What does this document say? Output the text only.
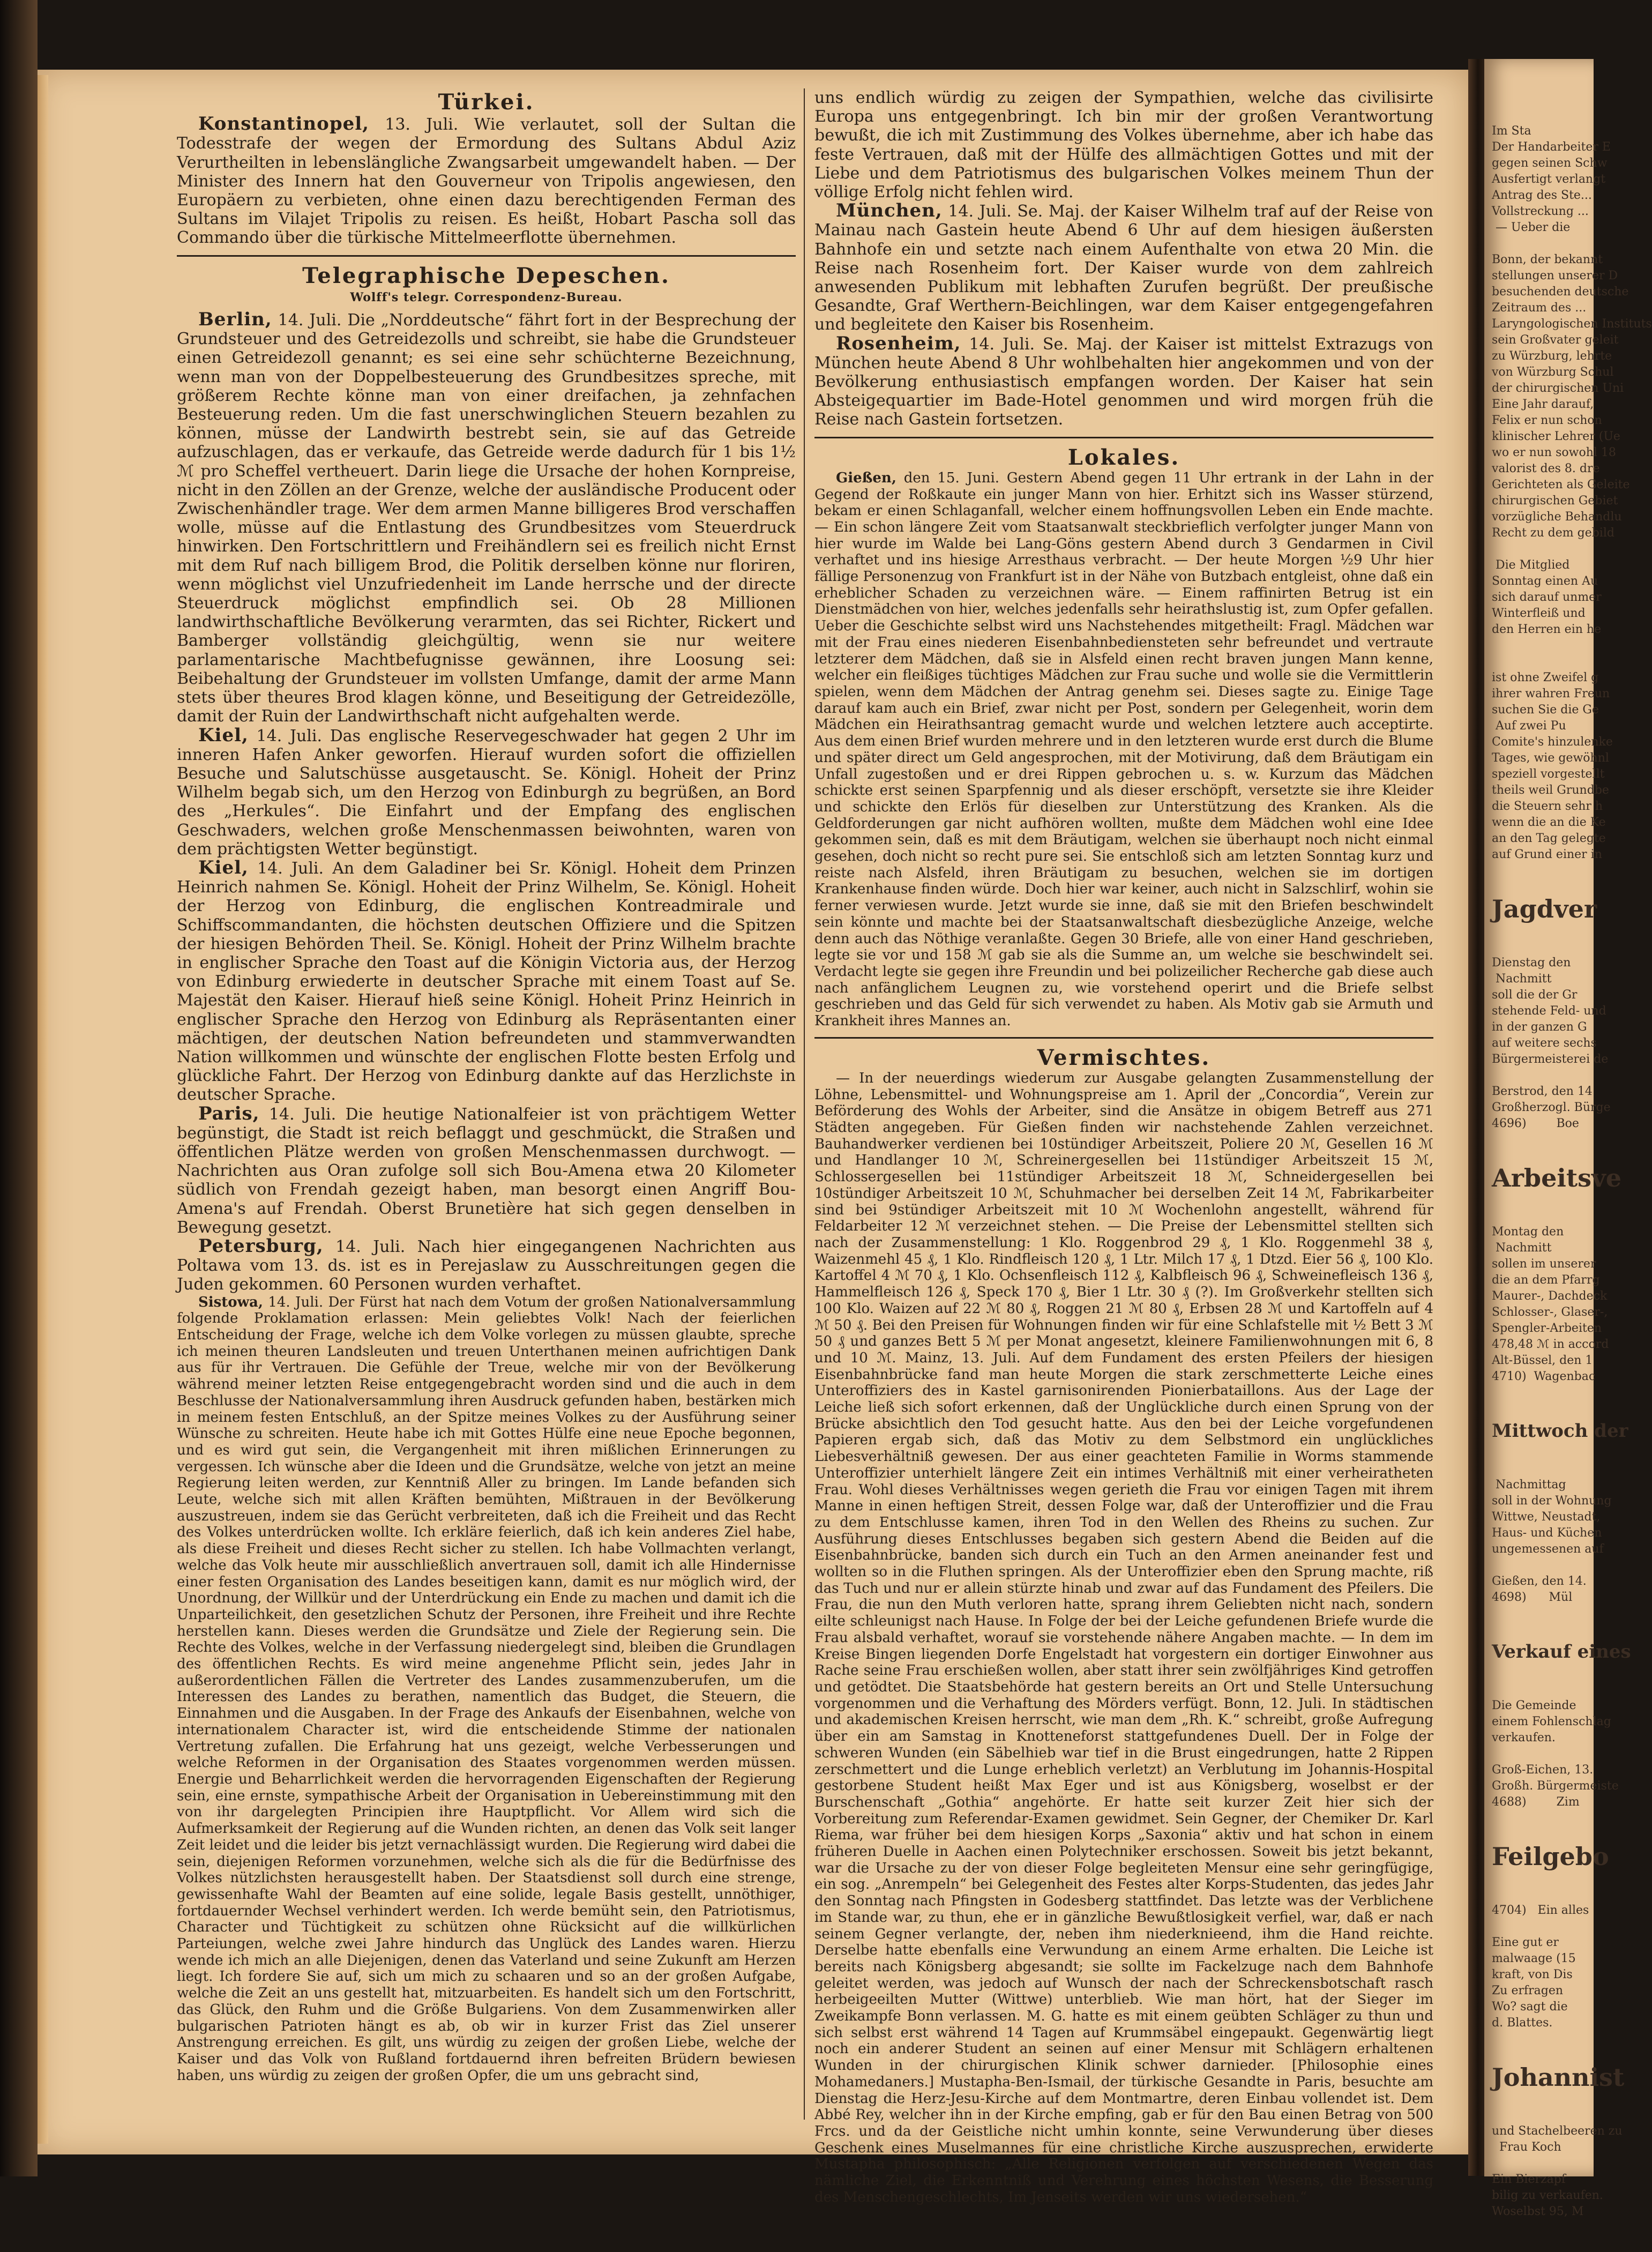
Türkei.

Konstantinopel, 13. Juli. Wie verlautet, soll der Sultan die Todesstrafe der wegen der Ermordung des Sultans Abdul Aziz Verurtheilten in lebenslängliche Zwangsarbeit umgewandelt haben. — Der Minister des Innern hat den Gouverneur von Tripolis angewiesen, den Europäern zu verbieten, ohne einen dazu berechtigenden Ferman des Sultans im Vilajet Tripolis zu reisen. Es heißt, Hobart Pascha soll das Commando über die türkische Mittelmeerflotte übernehmen.

Telegraphische Depeschen.
Wolff's telegr. Correspondenz-Bureau.

Berlin, 14. Juli. Die „Norddeutsche“ fährt fort in der Besprechung der Grundsteuer und des Getreidezolls und schreibt, sie habe die Grundsteuer einen Getreidezoll genannt; es sei eine sehr schüchterne Bezeichnung, wenn man von der Doppelbesteuerung des Grundbesitzes spreche, mit größerem Rechte könne man von einer dreifachen, ja zehnfachen Besteuerung reden. Um die fast unerschwinglichen Steuern bezahlen zu können, müsse der Landwirth bestrebt sein, sie auf das Getreide aufzuschlagen, das er verkaufe, das Getreide werde dadurch für 1 bis 1½ ℳ pro Scheffel vertheuert. Darin liege die Ursache der hohen Kornpreise, nicht in den Zöllen an der Grenze, welche der ausländische Producent oder Zwischenhändler trage. Wer dem armen Manne billigeres Brod verschaffen wolle, müsse auf die Entlastung des Grundbesitzes vom Steuerdruck hinwirken. Den Fortschrittlern und Freihändlern sei es freilich nicht Ernst mit dem Ruf nach billigem Brod, die Politik derselben könne nur floriren, wenn möglichst viel Unzufriedenheit im Lande herrsche und der directe Steuerdruck möglichst empfindlich sei. Ob 28 Millionen landwirthschaftliche Bevölkerung verarmten, das sei Richter, Rickert und Bamberger vollständig gleichgültig, wenn sie nur weitere parlamentarische Machtbefugnisse gewännen, ihre Loosung sei: Beibehaltung der Grundsteuer im vollsten Umfange, damit der arme Mann stets über theures Brod klagen könne, und Beseitigung der Getreidezölle, damit der Ruin der Landwirthschaft nicht aufgehalten werde.

Kiel, 14. Juli. Das englische Reservegeschwader hat gegen 2 Uhr im inneren Hafen Anker geworfen. Hierauf wurden sofort die offiziellen Besuche und Salutschüsse ausgetauscht. Se. Königl. Hoheit der Prinz Wilhelm begab sich, um den Herzog von Edinburgh zu begrüßen, an Bord des „Herkules“. Die Einfahrt und der Empfang des englischen Geschwaders, welchen große Menschenmassen beiwohnten, waren von dem prächtigsten Wetter begünstigt.

Kiel, 14. Juli. An dem Galadiner bei Sr. Königl. Hoheit dem Prinzen Heinrich nahmen Se. Königl. Hoheit der Prinz Wilhelm, Se. Königl. Hoheit der Herzog von Edinburg, die englischen Kontreadmirale und Schiffscommandanten, die höchsten deutschen Offiziere und die Spitzen der hiesigen Behörden Theil. Se. Königl. Hoheit der Prinz Wilhelm brachte in englischer Sprache den Toast auf die Königin Victoria aus, der Herzog von Edinburg erwiederte in deutscher Sprache mit einem Toast auf Se. Majestät den Kaiser. Hierauf hieß seine Königl. Hoheit Prinz Heinrich in englischer Sprache den Herzog von Edinburg als Repräsentanten einer mächtigen, der deutschen Nation befreundeten und stammverwandten Nation willkommen und wünschte der englischen Flotte besten Erfolg und glückliche Fahrt. Der Herzog von Edinburg dankte auf das Herzlichste in deutscher Sprache.

Paris, 14. Juli. Die heutige Nationalfeier ist von prächtigem Wetter begünstigt, die Stadt ist reich beflaggt und geschmückt, die Straßen und öffentlichen Plätze werden von großen Menschenmassen durchwogt. — Nachrichten aus Oran zufolge soll sich Bou-Amena etwa 20 Kilometer südlich von Frendah gezeigt haben, man besorgt einen Angriff Bou-Amena's auf Frendah. Oberst Brunetière hat sich gegen denselben in Bewegung gesetzt.

Petersburg, 14. Juli. Nach hier eingegangenen Nachrichten aus Poltawa vom 13. ds. ist es in Perejaslaw zu Ausschreitungen gegen die Juden gekommen. 60 Personen wurden verhaftet.

Sistowa, 14. Juli. Der Fürst hat nach dem Votum der großen Nationalversammlung folgende Proklamation erlassen: Mein geliebtes Volk! Nach der feierlichen Entscheidung der Frage, welche ich dem Volke vorlegen zu müssen glaubte, spreche ich meinen theuren Landsleuten und treuen Unterthanen meinen aufrichtigen Dank aus für ihr Vertrauen. Die Gefühle der Treue, welche mir von der Bevölkerung während meiner letzten Reise entgegengebracht worden sind und die auch in dem Beschlusse der Nationalversammlung ihren Ausdruck gefunden haben, bestärken mich in meinem festen Entschluß, an der Spitze meines Volkes zu der Ausführung seiner Wünsche zu schreiten. Heute habe ich mit Gottes Hülfe eine neue Epoche begonnen, und es wird gut sein, die Vergangenheit mit ihren mißlichen Erinnerungen zu vergessen. Ich wünsche aber die Ideen und die Grundsätze, welche von jetzt an meine Regierung leiten werden, zur Kenntniß Aller zu bringen. Im Lande befanden sich Leute, welche sich mit allen Kräften bemühten, Mißtrauen in der Bevölkerung auszustreuen, indem sie das Gerücht verbreiteten, daß ich die Freiheit und das Recht des Volkes unterdrücken wollte. Ich erkläre feierlich, daß ich kein anderes Ziel habe, als diese Freiheit und dieses Recht sicher zu stellen. Ich habe Vollmachten verlangt, welche das Volk heute mir ausschließlich anvertrauen soll, damit ich alle Hindernisse einer festen Organisation des Landes beseitigen kann, damit es nur möglich wird, der Unordnung, der Willkür und der Unterdrückung ein Ende zu machen und damit ich die Unparteilichkeit, den gesetzlichen Schutz der Personen, ihre Freiheit und ihre Rechte herstellen kann. Dieses werden die Grundsätze und Ziele der Regierung sein. Die Rechte des Volkes, welche in der Verfassung niedergelegt sind, bleiben die Grundlagen des öffentlichen Rechts. Es wird meine angenehme Pflicht sein, jedes Jahr in außerordentlichen Fällen die Vertreter des Landes zusammenzuberufen, um die Interessen des Landes zu berathen, namentlich das Budget, die Steuern, die Einnahmen und die Ausgaben. In der Frage des Ankaufs der Eisenbahnen, welche von internationalem Character ist, wird die entscheidende Stimme der nationalen Vertretung zufallen. Die Erfahrung hat uns gezeigt, welche Verbesserungen und welche Reformen in der Organisation des Staates vorgenommen werden müssen. Energie und Beharrlichkeit werden die hervorragenden Eigenschaften der Regierung sein, eine ernste, sympathische Arbeit der Organisation in Uebereinstimmung mit den von ihr dargelegten Principien ihre Hauptpflicht. Vor Allem wird sich die Aufmerksamkeit der Regierung auf die Wunden richten, an denen das Volk seit langer Zeit leidet und die leider bis jetzt vernachlässigt wurden. Die Regierung wird dabei die sein, diejenigen Reformen vorzunehmen, welche sich als die für die Bedürfnisse des Volkes nützlichsten herausgestellt haben. Der Staatsdienst soll durch eine strenge, gewissenhafte Wahl der Beamten auf eine solide, legale Basis gestellt, unnöthiger, fortdauernder Wechsel verhindert werden. Ich werde bemüht sein, den Patriotismus, Character und Tüchtigkeit zu schützen ohne Rücksicht auf die willkürlichen Parteiungen, welche zwei Jahre hindurch das Unglück des Landes waren. Hierzu wende ich mich an alle Diejenigen, denen das Vaterland und seine Zukunft am Herzen liegt. Ich fordere Sie auf, sich um mich zu schaaren und so an der großen Aufgabe, welche die Zeit an uns gestellt hat, mitzuarbeiten. Es handelt sich um den Fortschritt, das Glück, den Ruhm und die Größe Bulgariens. Von dem Zusammenwirken aller bulgarischen Patrioten hängt es ab, ob wir in kurzer Frist das Ziel unserer Anstrengung erreichen. Es gilt, uns würdig zu zeigen der großen Liebe, welche der Kaiser und das Volk von Rußland fortdauernd ihren befreiten Brüdern bewiesen haben, uns würdig zu zeigen der großen Opfer, die um uns gebracht sind,

uns endlich würdig zu zeigen der Sympathien, welche das civilisirte Europa uns entgegenbringt. Ich bin mir der großen Verantwortung bewußt, die ich mit Zustimmung des Volkes übernehme, aber ich habe das feste Vertrauen, daß mit der Hülfe des allmächtigen Gottes und mit der Liebe und dem Patriotismus des bulgarischen Volkes meinem Thun der völlige Erfolg nicht fehlen wird.

München, 14. Juli. Se. Maj. der Kaiser Wilhelm traf auf der Reise von Mainau nach Gastein heute Abend 6 Uhr auf dem hiesigen äußersten Bahnhofe ein und setzte nach einem Aufenthalte von etwa 20 Min. die Reise nach Rosenheim fort. Der Kaiser wurde von dem zahlreich anwesenden Publikum mit lebhaften Zurufen begrüßt. Der preußische Gesandte, Graf Werthern-Beichlingen, war dem Kaiser entgegengefahren und begleitete den Kaiser bis Rosenheim.

Rosenheim, 14. Juli. Se. Maj. der Kaiser ist mittelst Extrazugs von München heute Abend 8 Uhr wohlbehalten hier angekommen und von der Bevölkerung enthusiastisch empfangen worden. Der Kaiser hat sein Absteigequartier im Bade-Hotel genommen und wird morgen früh die Reise nach Gastein fortsetzen.

Lokales.

Gießen, den 15. Juni. Gestern Abend gegen 11 Uhr ertrank in der Lahn in der Gegend der Roßkaute ein junger Mann von hier. Erhitzt sich ins Wasser stürzend, bekam er einen Schlaganfall, welcher einem hoffnungsvollen Leben ein Ende machte. — Ein schon längere Zeit vom Staatsanwalt steckbrieflich verfolgter junger Mann von hier wurde im Walde bei Lang-Göns gestern Abend durch 3 Gendarmen in Civil verhaftet und ins hiesige Arresthaus verbracht. — Der heute Morgen ½9 Uhr hier fällige Personenzug von Frankfurt ist in der Nähe von Butzbach entgleist, ohne daß ein erheblicher Schaden zu verzeichnen wäre. — Einem raffinirten Betrug ist ein Dienstmädchen von hier, welches jedenfalls sehr heirathslustig ist, zum Opfer gefallen. Ueber die Geschichte selbst wird uns Nachstehendes mitgetheilt: Fragl. Mädchen war mit der Frau eines niederen Eisenbahnbediensteten sehr befreundet und vertraute letzterer dem Mädchen, daß sie in Alsfeld einen recht braven jungen Mann kenne, welcher ein fleißiges tüchtiges Mädchen zur Frau suche und wolle sie die Vermittlerin spielen, wenn dem Mädchen der Antrag genehm sei. Dieses sagte zu. Einige Tage darauf kam auch ein Brief, zwar nicht per Post, sondern per Gelegenheit, worin dem Mädchen ein Heirathsantrag gemacht wurde und welchen letztere auch acceptirte. Aus dem einen Brief wurden mehrere und in den letzteren wurde erst durch die Blume und später direct um Geld angesprochen, mit der Motivirung, daß dem Bräutigam ein Unfall zugestoßen und er drei Rippen gebrochen u. s. w. Kurzum das Mädchen schickte erst seinen Sparpfennig und als dieser erschöpft, versetzte sie ihre Kleider und schickte den Erlös für dieselben zur Unterstützung des Kranken. Als die Geldforderungen gar nicht aufhören wollten, mußte dem Mädchen wohl eine Idee gekommen sein, daß es mit dem Bräutigam, welchen sie überhaupt noch nicht einmal gesehen, doch nicht so recht pure sei. Sie entschloß sich am letzten Sonntag kurz und reiste nach Alsfeld, ihren Bräutigam zu besuchen, welchen sie im dortigen Krankenhause finden würde. Doch hier war keiner, auch nicht in Salzschlirf, wohin sie ferner verwiesen wurde. Jetzt wurde sie inne, daß sie mit den Briefen beschwindelt sein könnte und machte bei der Staatsanwaltschaft diesbezügliche Anzeige, welche denn auch das Nöthige veranlaßte. Gegen 30 Briefe, alle von einer Hand geschrieben, legte sie vor und 158 ℳ gab sie als die Summe an, um welche sie beschwindelt sei. Verdacht legte sie gegen ihre Freundin und bei polizeilicher Recherche gab diese auch nach anfänglichem Leugnen zu, wie vorstehend operirt und die Briefe selbst geschrieben und das Geld für sich verwendet zu haben. Als Motiv gab sie Armuth und Krankheit ihres Mannes an.

Vermischtes.

— In der neuerdings wiederum zur Ausgabe gelangten Zusammenstellung der Löhne, Lebensmittel- und Wohnungspreise am 1. April der „Concordia“, Verein zur Beförderung des Wohls der Arbeiter, sind die Ansätze in obigem Betreff aus 271 Städten angegeben. Für Gießen finden wir nachstehende Zahlen verzeichnet. Bauhandwerker verdienen bei 10stündiger Arbeitszeit, Poliere 20 ℳ, Gesellen 16 ℳ und Handlanger 10 ℳ, Schreinergesellen bei 11stündiger Arbeitszeit 15 ℳ, Schlossergesellen bei 11stündiger Arbeitszeit 18 ℳ, Schneidergesellen bei 10stündiger Arbeitszeit 10 ℳ, Schuhmacher bei derselben Zeit 14 ℳ, Fabrikarbeiter sind bei 9stündiger Arbeitszeit mit 10 ℳ Wochenlohn angestellt, während für Feldarbeiter 12 ℳ verzeichnet stehen. — Die Preise der Lebensmittel stellten sich nach der Zusammenstellung: 1 Klo. Roggenbrod 29 ₰, 1 Klo. Roggenmehl 38 ₰, Waizenmehl 45 ₰, 1 Klo. Rindfleisch 120 ₰, 1 Ltr. Milch 17 ₰, 1 Dtzd. Eier 56 ₰, 100 Klo. Kartoffel 4 ℳ 70 ₰, 1 Klo. Ochsenfleisch 112 ₰, Kalbfleisch 96 ₰, Schweinefleisch 136 ₰, Hammelfleisch 126 ₰, Speck 170 ₰, Bier 1 Ltr. 30 ₰ (?). Im Großverkehr stellten sich 100 Klo. Waizen auf 22 ℳ 80 ₰, Roggen 21 ℳ 80 ₰, Erbsen 28 ℳ und Kartoffeln auf 4 ℳ 50 ₰. Bei den Preisen für Wohnungen finden wir für eine Schlafstelle mit ½ Bett 3 ℳ 50 ₰ und ganzes Bett 5 ℳ per Monat angesetzt, kleinere Familienwohnungen mit 6, 8 und 10 ℳ. Mainz, 13. Juli. Auf dem Fundament des ersten Pfeilers der hiesigen Eisenbahnbrücke fand man heute Morgen die stark zerschmetterte Leiche eines Unteroffiziers des in Kastel garnisonirenden Pionierbataillons. Aus der Lage der Leiche ließ sich sofort erkennen, daß der Unglückliche durch einen Sprung von der Brücke absichtlich den Tod gesucht hatte. Aus den bei der Leiche vorgefundenen Papieren ergab sich, daß das Motiv zu dem Selbstmord ein unglückliches Liebesverhältniß gewesen. Der aus einer geachteten Familie in Worms stammende Unteroffizier unterhielt längere Zeit ein intimes Verhältniß mit einer verheiratheten Frau. Wohl dieses Verhältnisses wegen gerieth die Frau vor einigen Tagen mit ihrem Manne in einen heftigen Streit, dessen Folge war, daß der Unteroffizier und die Frau zu dem Entschlusse kamen, ihren Tod in den Wellen des Rheins zu suchen. Zur Ausführung dieses Entschlusses begaben sich gestern Abend die Beiden auf die Eisenbahnbrücke, banden sich durch ein Tuch an den Armen aneinander fest und wollten so in die Fluthen springen. Als der Unteroffizier eben den Sprung machte, riß das Tuch und nur er allein stürzte hinab und zwar auf das Fundament des Pfeilers. Die Frau, die nun den Muth verloren hatte, sprang ihrem Geliebten nicht nach, sondern eilte schleunigst nach Hause. In Folge der bei der Leiche gefundenen Briefe wurde die Frau alsbald verhaftet, worauf sie vorstehende nähere Angaben machte. — In dem im Kreise Bingen liegenden Dorfe Engelstadt hat vorgestern ein dortiger Einwohner aus Rache seine Frau erschießen wollen, aber statt ihrer sein zwölfjähriges Kind getroffen und getödtet. Die Staatsbehörde hat gestern bereits an Ort und Stelle Untersuchung vorgenommen und die Verhaftung des Mörders verfügt. Bonn, 12. Juli. In städtischen und akademischen Kreisen herrscht, wie man dem „Rh. K.“ schreibt, große Aufregung über ein am Samstag in Knotteneforst stattgefundenes Duell. Der in Folge der schweren Wunden (ein Säbelhieb war tief in die Brust eingedrungen, hatte 2 Rippen zerschmettert und die Lunge erheblich verletzt) an Verblutung im Johannis-Hospital gestorbene Student heißt Max Eger und ist aus Königsberg, woselbst er der Burschenschaft „Gothia“ angehörte. Er hatte seit kurzer Zeit hier sich der Vorbereitung zum Referendar-Examen gewidmet. Sein Gegner, der Chemiker Dr. Karl Riema, war früher bei dem hiesigen Korps „Saxonia“ aktiv und hat schon in einem früheren Duelle in Aachen einen Polytechniker erschossen. Soweit bis jetzt bekannt, war die Ursache zu der von dieser Folge begleiteten Mensur eine sehr geringfügige, ein sog. „Anrempeln“ bei Gelegenheit des Festes alter Korps-Studenten, das jedes Jahr den Sonntag nach Pfingsten in Godesberg stattfindet. Das letzte was der Verblichene im Stande war, zu thun, ehe er in gänzliche Bewußtlosigkeit verfiel, war, daß er nach seinem Gegner verlangte, der, neben ihm niederknieend, ihm die Hand reichte. Derselbe hatte ebenfalls eine Verwundung an einem Arme erhalten. Die Leiche ist bereits nach Königsberg abgesandt; sie sollte im Fackelzuge nach dem Bahnhofe geleitet werden, was jedoch auf Wunsch der nach der Schreckensbotschaft rasch herbeigeeilten Mutter (Wittwe) unterblieb. Wie man hört, hat der Sieger im Zweikampfe Bonn verlassen. M. G. hatte es mit einem geübten Schläger zu thun und sich selbst erst während 14 Tagen auf Krummsäbel eingepaukt. Gegenwärtig liegt noch ein anderer Student an seinen auf einer Mensur mit Schlägern erhaltenen Wunden in der chirurgischen Klinik schwer darnieder. [Philosophie eines Mohamedaners.] Mustapha-Ben-Ismail, der türkische Gesandte in Paris, besuchte am Dienstag die Herz-Jesu-Kirche auf dem Montmartre, deren Einbau vollendet ist. Dem Abbé Rey, welcher ihn in der Kirche empfing, gab er für den Bau einen Betrag von 500 Frcs. und da der Geistliche nicht umhin konnte, seine Verwunderung über dieses Geschenk eines Muselmannes für eine christliche Kirche auszusprechen, erwiderte Mustapha philosophisch: „Alle Religionen verfolgen auf verschiedenen Wegen das nämliche Ziel, die Erkenntniß und Verehrung eines höchsten Wesens, die Besserung des Menschengeschlechts, Im Jenseits werden wir uns wiedersehen.“

Im Sta
Der Handarbeiter E
gegen seinen Schw
Ausfertigt verlangt
Antrag des Ste...
Vollstreckung ...
— Ueber die

Bonn, der bekannt
stellungen unserer D
besuchenden deutsche
Zeitraum des ...
Laryngologischen Instituts
sein Großvater geleit
zu Würzburg, lehrte
von Würzburg Schul
der chirurgischen Uni
Eine Jahr darauf,
Felix er nun schon
klinischer Lehrer (Ue
wo er nun sowohl 18
valorist des 8. dre
Gerichteten als Geleite
chirurgischen Gebiet
vorzügliche Behandlu
Recht zu dem gebild

Die Mitglied
Sonntag einen Au
sich darauf unmer
Winterfleiß und
den Herren ein he

ist ohne Zweifel g
ihrer wahren Freun
suchen Sie die Ge
Auf zwei Pu
Comite's hinzulenke
Tages, wie gewöhnl
speziell vorgestellt
theils weil Grundbe
die Steuern sehr h
wenn die an die Ke
an den Tag gelegte
auf Grund einer in

Jagdver

Dienstag den
Nachmitt
soll die der Gr
stehende Feld- und
in der ganzen G
auf weitere sechs
Bürgermeisterei de

Berstrod, den 14
Großherzogl. Bürge
4696)        Boe

Arbeitsve

Montag den
Nachmitt
sollen im unserer
die an dem Pfarrg
Maurer-, Dachdeck
Schlosser-, Glaser-,
Spengler-Arbeiten
478,48 ℳ in accord
Alt-Büssel, den 1
4710)  Wagenbac

Mittwoch der

Nachmittag
soll in der Wohnung
Wittwe, Neustadt,
Haus- und Küchen
ungemessenen auf

Gießen, den 14.
4698)      Mül

Verkauf eines

Die Gemeinde
einem Fohlenschlag
verkaufen.

Groß-Eichen, 13.
Großh. Bürgermeiste
4688)        Zim

Feilgebo

4704)   Ein alles

Eine gut er
malwaage (15
kraft, von Dis
Zu erfragen
Wo? sagt die
d. Blattes.

Johannist

und Stachelbeeren zu
Frau Koch

Ein Bierzapf
bilig zu verkaufen.
Woselbst 95, M
